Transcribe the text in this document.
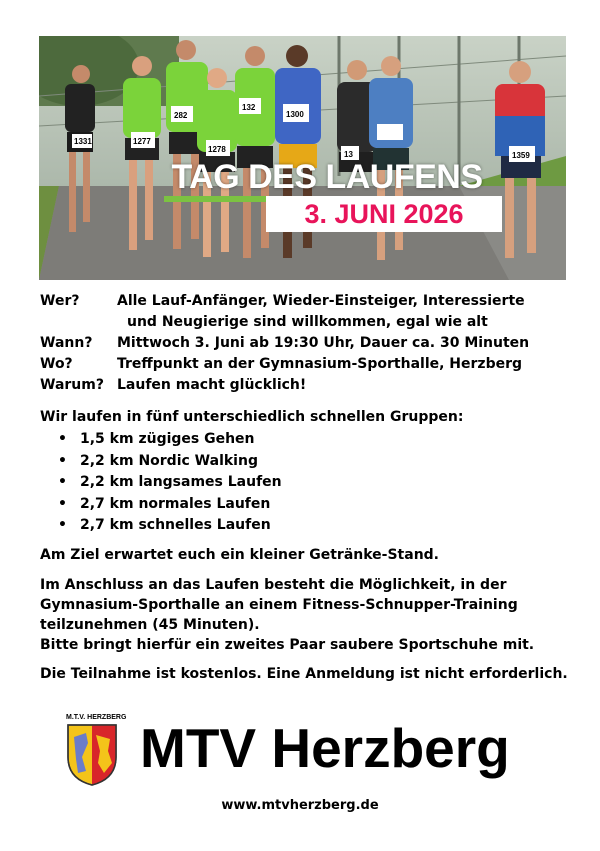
1331	1277
282
1278
132
1300
13
RUN
1359
TAG DES LAUFENS
3. JUNI 2026
Wer?	Alle Lauf-Anfänger, Wieder-Einsteiger, Interessierte
und Neugierige sind willkommen, egal wie alt
Wann?	Mittwoch 3. Juni ab 19:30 Uhr, Dauer ca. 30 Minuten
Wo?	Treffpunkt an der Gymnasium-Sporthalle, Herzberg
Warum? Laufen macht glücklich!
Wir laufen in fünf unterschiedlich schnellen Gruppen:
• 1,5 km zügiges Gehen
• 2,2 km Nordic Walking
• 2,2 km langsames Laufen
• 2,7 km normales Laufen
• 2,7 km schnelles Laufen
Am Ziel erwartet euch ein kleiner Getränke-Stand.
Im Anschluss an das Laufen besteht die Möglichkeit, in der
Gymnasium-Sporthalle an einem Fitness-Schnupper-Training
teilzunehmen (45 Minuten).
Bitte bringt hierfür ein zweites Paar saubere Sportschuhe mit.
Die Teilnahme ist kostenlos. Eine Anmeldung ist nicht erforderlich.
M.T.V. HERZBERG MTV Herzberg
www.mtvherzberg.de
